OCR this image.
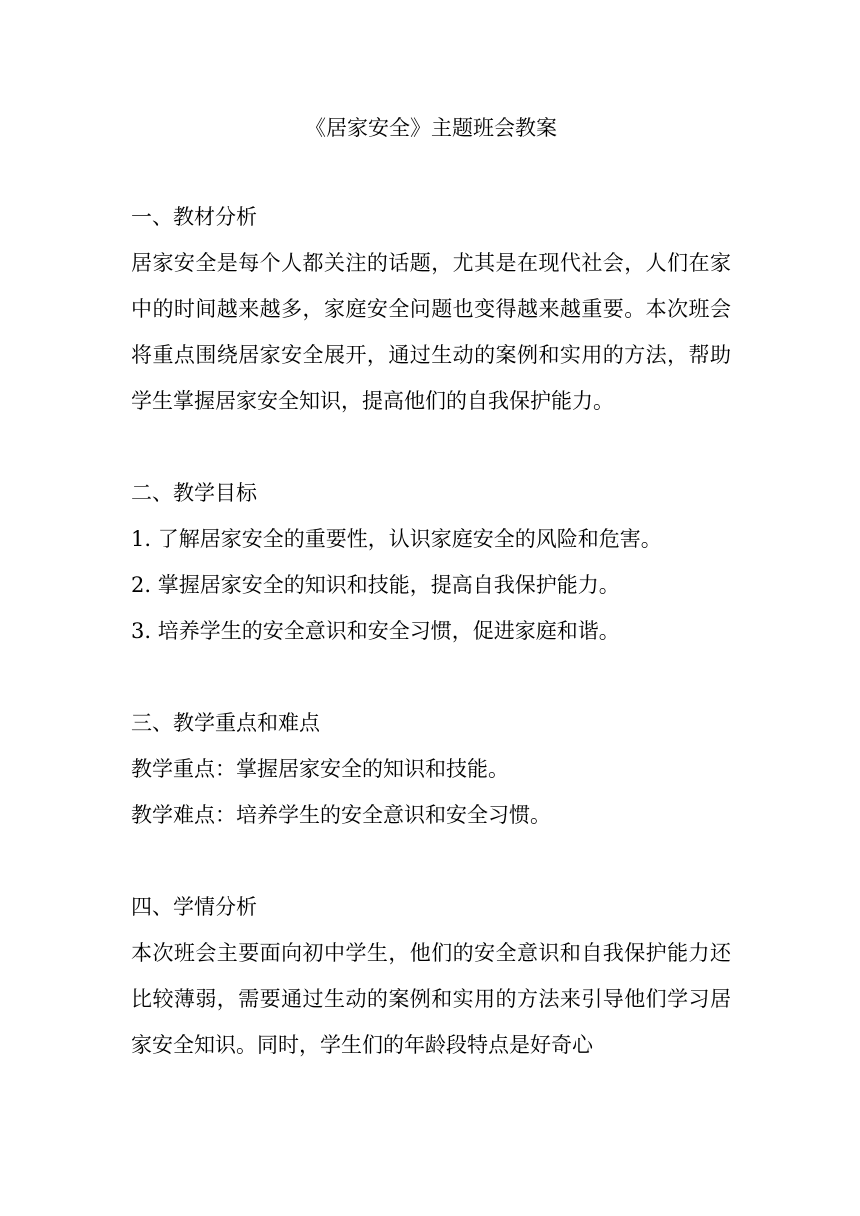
《居家安全》主题班会教案
一、教材分析

居家安全是每个人都关注的话题，尤其是在现代社会，人们在家中的时间越来越多，家庭安全问题也变得越来越重要。本次班会将重点围绕居家安全展开，通过生动的案例和实用的方法，帮助学生掌握居家安全知识，提高他们的自我保护能力。

二、教学目标

1. 了解居家安全的重要性，认识家庭安全的风险和危害。

2. 掌握居家安全的知识和技能，提高自我保护能力。

3. 培养学生的安全意识和安全习惯，促进家庭和谐。

三、教学重点和难点

教学重点：掌握居家安全的知识和技能。

教学难点：培养学生的安全意识和安全习惯。

四、学情分析

本次班会主要面向初中学生，他们的安全意识和自我保护能力还比较薄弱，需要通过生动的案例和实用的方法来引导他们学习居家安全知识。同时，学生们的年龄段特点是好奇心
